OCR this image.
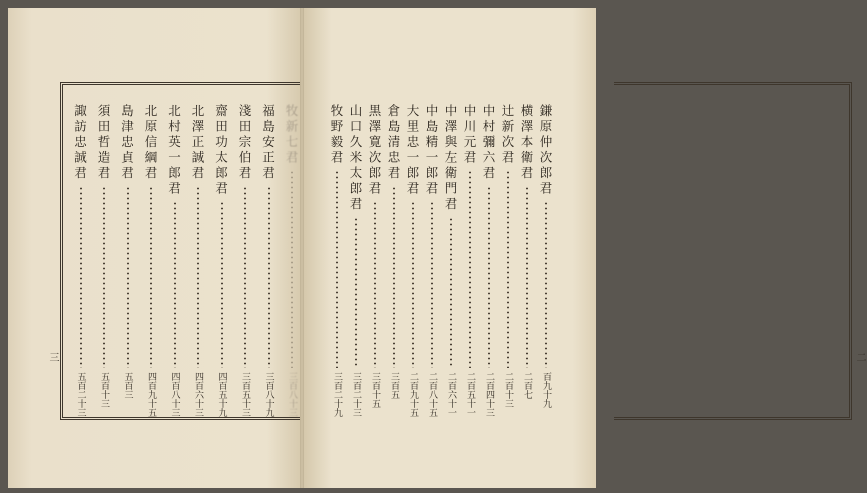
三
牧新七君
三百八十三
福島安正君
三百八十九
淺田宗伯君
三百五十三
齋田功太郎君
四百五十九
北澤正誠君
四百六十三
北村英一郎君
四百八十三
北原信綱君
四百九十五
島津忠貞君
五百三
須田哲造君
五百十三
諏訪忠誠君
五百二十三
二
鎌原仲次郎君
百九十九
横澤本衛君
二百七
辻新次君
二百十三
中村彌六君
二百四十三
中川元君
二百五十一
中澤與左衛門君
二百六十一
中島精一郎君
二百八十五
大里忠一郎君
二百九十五
倉島清忠君
三百五
黒澤寛次郎君
三百十五
山口久米太郎君
三百二十三
牧野毅君
三百二十九
